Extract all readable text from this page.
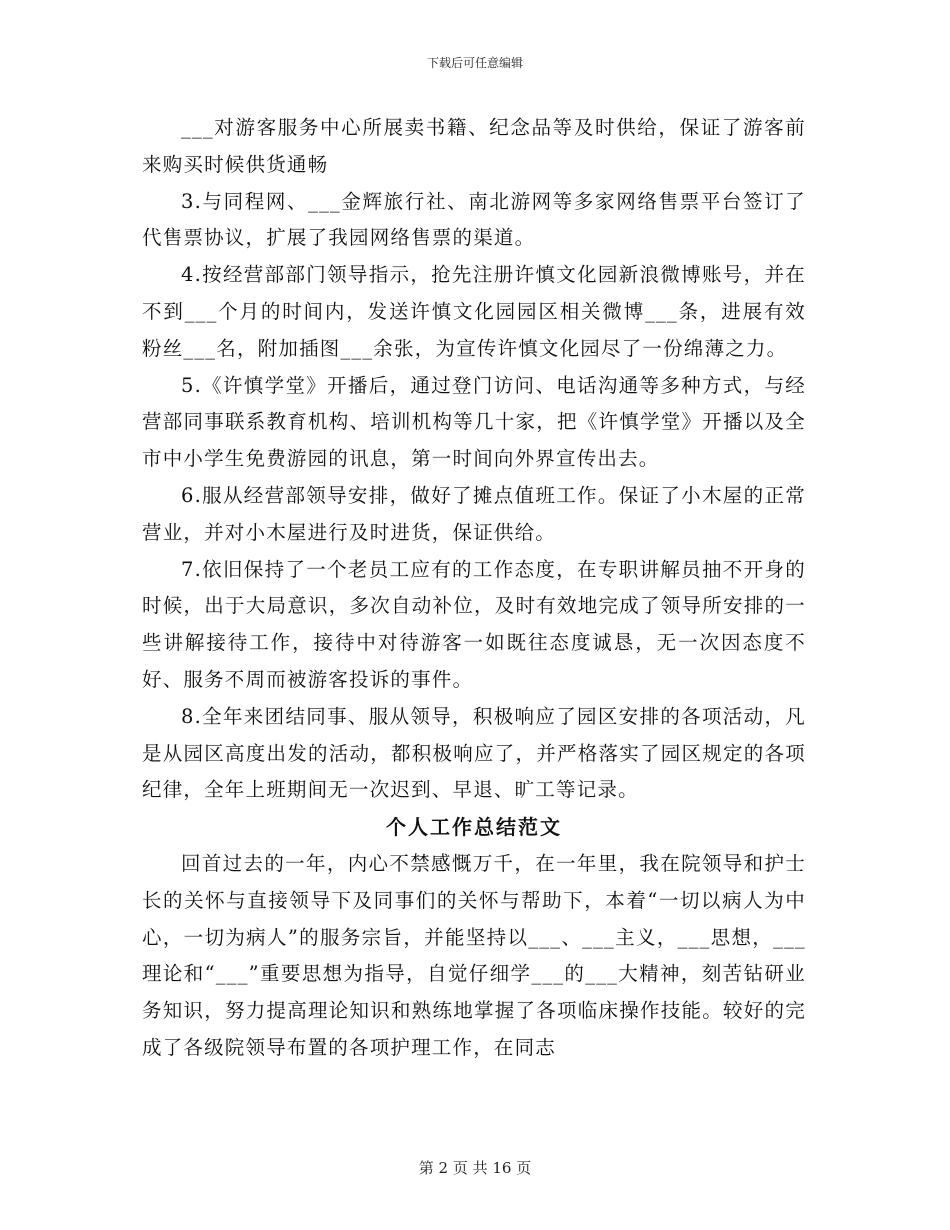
下载后可任意编辑

___对游客服务中心所展卖书籍、纪念品等及时供给，保证了游客前来购买时候供货通畅

3.与同程网、___金辉旅行社、南北游网等多家网络售票平台签订了代售票协议，扩展了我园网络售票的渠道。

4.按经营部部门领导指示，抢先注册许慎文化园新浪微博账号，并在不到___个月的时间内，发送许慎文化园园区相关微博___条，进展有效粉丝___名，附加插图___余张，为宣传许慎文化园尽了一份绵薄之力。

5.《许慎学堂》开播后，通过登门访问、电话沟通等多种方式，与经营部同事联系教育机构、培训机构等几十家，把《许慎学堂》开播以及全市中小学生免费游园的讯息，第一时间向外界宣传出去。

6.服从经营部领导安排，做好了摊点值班工作。保证了小木屋的正常营业，并对小木屋进行及时进货，保证供给。

7.依旧保持了一个老员工应有的工作态度，在专职讲解员抽不开身的时候，出于大局意识，多次自动补位，及时有效地完成了领导所安排的一些讲解接待工作，接待中对待游客一如既往态度诚恳，无一次因态度不好、服务不周而被游客投诉的事件。

8.全年来团结同事、服从领导，积极响应了园区安排的各项活动，凡是从园区高度出发的活动，都积极响应了，并严格落实了园区规定的各项纪律，全年上班期间无一次迟到、早退、旷工等记录。

个人工作总结范文

回首过去的一年，内心不禁感慨万千，在一年里，我在院领导和护士长的关怀与直接领导下及同事们的关怀与帮助下，本着“一切以病人为中心，一切为病人”的服务宗旨，并能坚持以___、___主义，___思想，___理论和“___”重要思想为指导，自觉仔细学___的___大精神，刻苦钻研业务知识，努力提高理论知识和熟练地掌握了各项临床操作技能。较好的完成了各级院领导布置的各项护理工作，在同志

第 2 页 共 16 页
